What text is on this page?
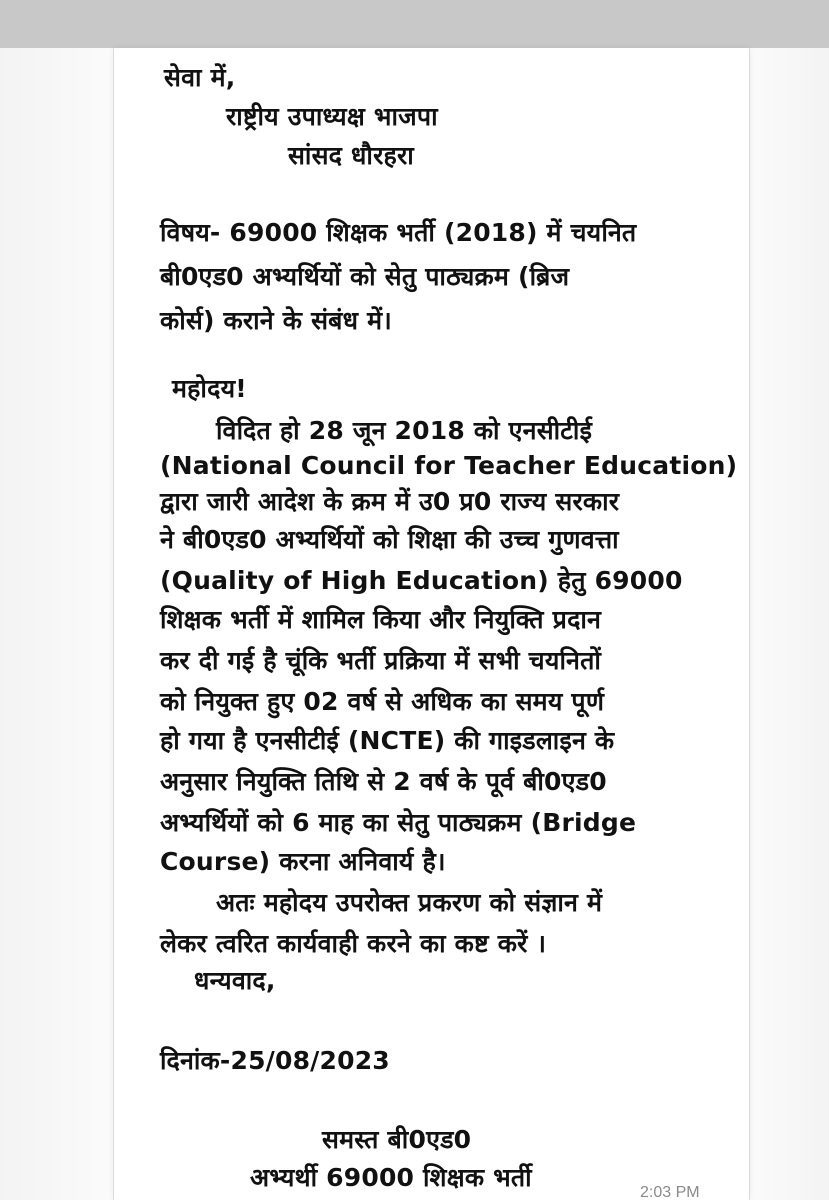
सेवा में,
राष्ट्रीय उपाध्यक्ष भाजपा
सांसद धौरहरा
विषय- 69000 शिक्षक भर्ती (2018) में चयनित
बी0एड0 अभ्यर्थियों को सेतु पाठ्यक्रम (ब्रिज
कोर्स) कराने के संबंध में।
महोदय!
विदित हो 28 जून 2018 को एनसीटीई
(National Council for Teacher Education)
द्वारा जारी आदेश के क्रम में उ0 प्र0 राज्य सरकार
ने बी0एड0 अभ्यर्थियों को शिक्षा की उच्च गुणवत्ता
(Quality of High Education) हेतु 69000
शिक्षक भर्ती में शामिल किया और नियुक्ति प्रदान
कर दी गई है चूंकि भर्ती प्रक्रिया में सभी चयनितों
को नियुक्त हुए 02 वर्ष से अधिक का समय पूर्ण
हो गया है एनसीटीई (NCTE) की गाइडलाइन के
अनुसार नियुक्ति तिथि से 2 वर्ष के पूर्व बी0एड0
अभ्यर्थियों को 6 माह का सेतु पाठ्यक्रम (Bridge
Course) करना अनिवार्य है।
अतः महोदय उपरोक्त प्रकरण को संज्ञान में
लेकर त्वरित कार्यवाही करने का कष्ट करें ।
धन्यवाद,
दिनांक-25/08/2023
समस्त बी0एड0
अभ्यर्थी 69000 शिक्षक भर्ती
2:03 PM
